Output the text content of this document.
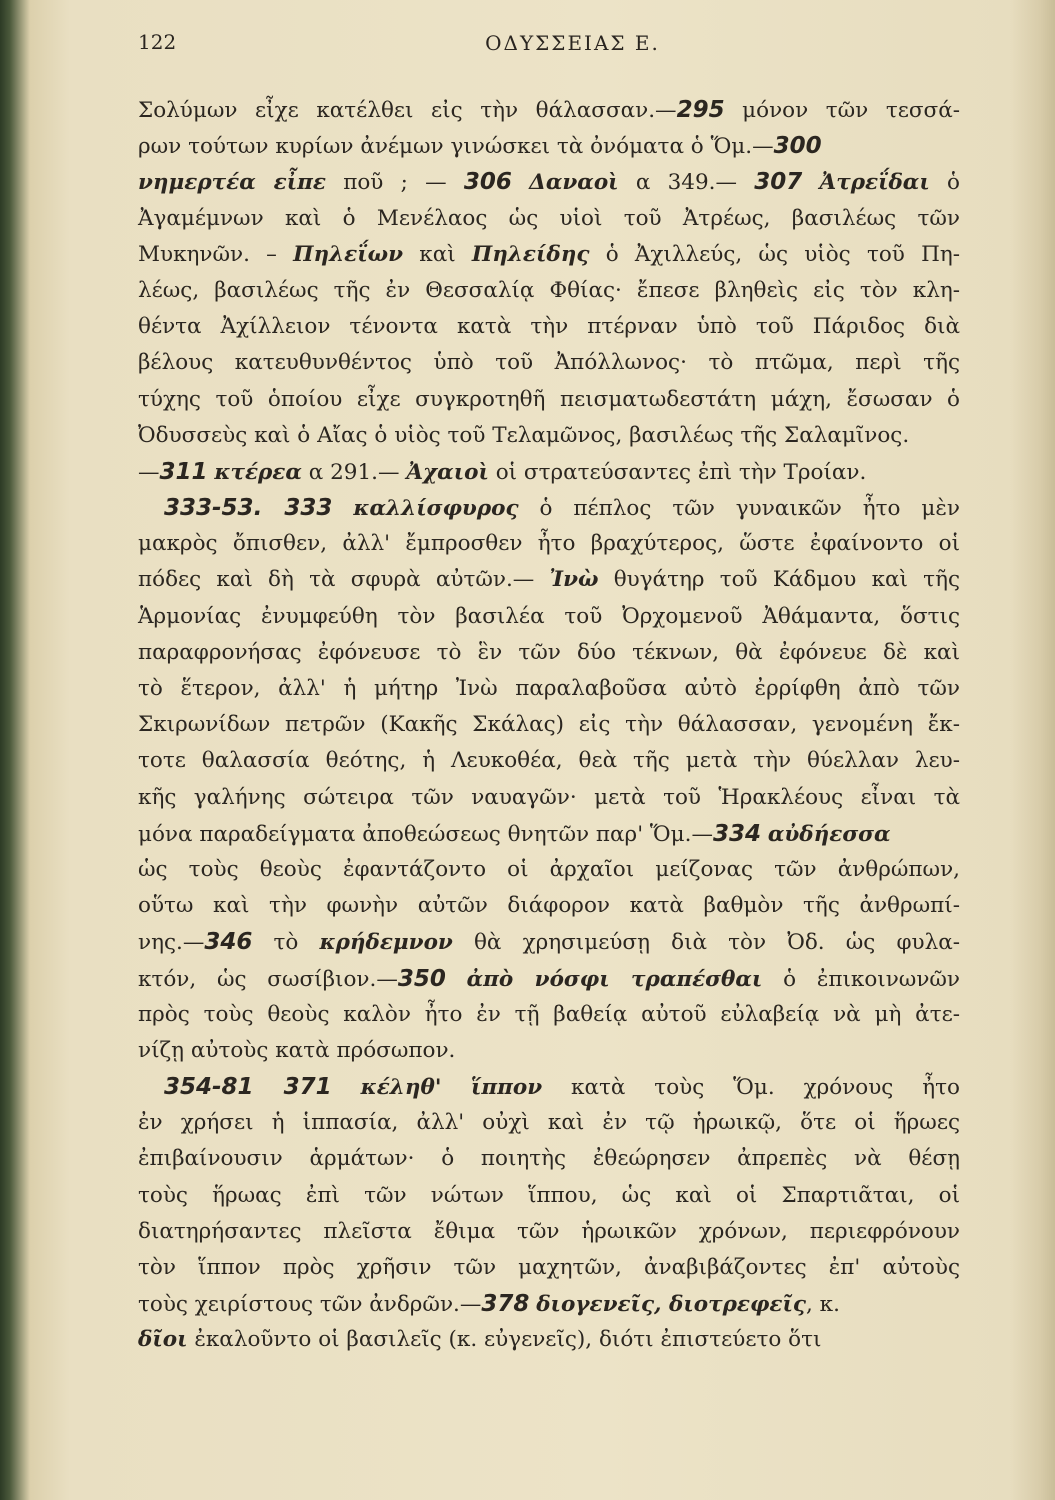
122	ΟΔΥΣΣΕΙΑΣ Ε.
Σολύμων εἶχε κατέλθει εἰς τὴν θάλασσαν.—295 μόνον τῶν τεσσά-
ρων τούτων κυρίων ἀνέμων γινώσκει τὰ ὀνόματα ὁ Ὅμ.—300
νημερτέα εἶπε ποῦ ; — 306 Δαναοὶ α 349.— 307 Ἀτρεΐδαι ὁ
Ἀγαμέμνων καὶ ὁ Μενέλαος ὡς υἱοὶ τοῦ Ἀτρέως, βασιλέως τῶν
Μυκηνῶν. – Πηλεΐων καὶ Πηλείδης ὁ Ἀχιλλεύς, ὡς υἱὸς τοῦ Πη-
λέως, βασιλέως τῆς ἐν Θεσσαλίᾳ Φθίας· ἔπεσε βληθεὶς εἰς τὸν κλη-
θέντα Ἀχίλλειον τένοντα κατὰ τὴν πτέρναν ὑπὸ τοῦ Πάριδος διὰ
βέλους κατευθυνθέντος ὑπὸ τοῦ Ἀπόλλωνος· τὸ πτῶμα, περὶ τῆς
τύχης τοῦ ὁποίου εἶχε συγκροτηθῆ πεισματωδεστάτη μάχη, ἔσωσαν ὁ
Ὀδυσσεὺς καὶ ὁ Αἴας ὁ υἱὸς τοῦ Τελαμῶνος, βασιλέως τῆς Σαλαμῖνος.
—311 κτέρεα α 291.— Ἀχαιοὶ οἱ στρατεύσαντες ἐπὶ τὴν Τροίαν.
333-53. 333 καλλίσφυρος ὁ πέπλος τῶν γυναικῶν ἦτο μὲν
μακρὸς ὄπισθεν, ἀλλ' ἔμπροσθεν ἦτο βραχύτερος, ὥστε ἐφαίνοντο οἱ
πόδες καὶ δὴ τὰ σφυρὰ αὐτῶν.— Ἰνὼ θυγάτηρ τοῦ Κάδμου καὶ τῆς
Ἁρμονίας ἐνυμφεύθη τὸν βασιλέα τοῦ Ὀρχομενοῦ Ἀθάμαντα, ὅστις
παραφρονήσας ἐφόνευσε τὸ ἓν τῶν δύο τέκνων, θὰ ἐφόνευε δὲ καὶ
τὸ ἕτερον, ἀλλ' ἡ μήτηρ Ἰνὼ παραλαβοῦσα αὐτὸ ἐρρίφθη ἀπὸ τῶν
Σκιρωνίδων πετρῶν (Κακῆς Σκάλας) εἰς τὴν θάλασσαν, γενομένη ἔκ-
τοτε θαλασσία θεότης, ἡ Λευκοθέα, θεὰ τῆς μετὰ τὴν θύελλαν λευ-
κῆς γαλήνης σώτειρα τῶν ναυαγῶν· μετὰ τοῦ Ἡρακλέους εἶναι τὰ
μόνα παραδείγματα ἀποθεώσεως θνητῶν παρ' Ὅμ.—334 αὐδήεσσα
ὡς τοὺς θεοὺς ἐφαντάζοντο οἱ ἀρχαῖοι μείζονας τῶν ἀνθρώπων,
οὕτω καὶ τὴν φωνὴν αὐτῶν διάφορον κατὰ βαθμὸν τῆς ἀνθρωπί-
νης.—346 τὸ κρήδεμνον θὰ χρησιμεύσῃ διὰ τὸν Ὀδ. ὡς φυλα-
κτόν, ὡς σωσίβιον.—350 ἀπὸ νόσφι τραπέσθαι ὁ ἐπικοινωνῶν
πρὸς τοὺς θεοὺς καλὸν ἦτο ἐν τῇ βαθείᾳ αὐτοῦ εὐλαβείᾳ νὰ μὴ ἀτε-
νίζῃ αὐτοὺς κατὰ πρόσωπον.
354-81 371 κέληθ' ἵππον κατὰ τοὺς Ὅμ. χρόνους ἦτο
ἐν χρήσει ἡ ἱππασία, ἀλλ' οὐχὶ καὶ ἐν τῷ ἡρωικῷ, ὅτε οἱ ἥρωες
ἐπιβαίνουσιν ἁρμάτων· ὁ ποιητὴς ἐθεώρησεν ἀπρεπὲς νὰ θέσῃ
τοὺς ἥρωας ἐπὶ τῶν νώτων ἵππου, ὡς καὶ οἱ Σπαρτιᾶται, οἱ
διατηρήσαντες πλεῖστα ἔθιμα τῶν ἡρωικῶν χρόνων, περιεφρόνουν
τὸν ἵππον πρὸς χρῆσιν τῶν μαχητῶν, ἀναβιβάζοντες ἐπ' αὐτοὺς
τοὺς χειρίστους τῶν ἀνδρῶν.—378 διογενεῖς, διοτρεφεῖς, κ.
δῖοι ἐκαλοῦντο οἱ βασιλεῖς (κ. εὐγενεῖς), διότι ἐπιστεύετο ὅτι
